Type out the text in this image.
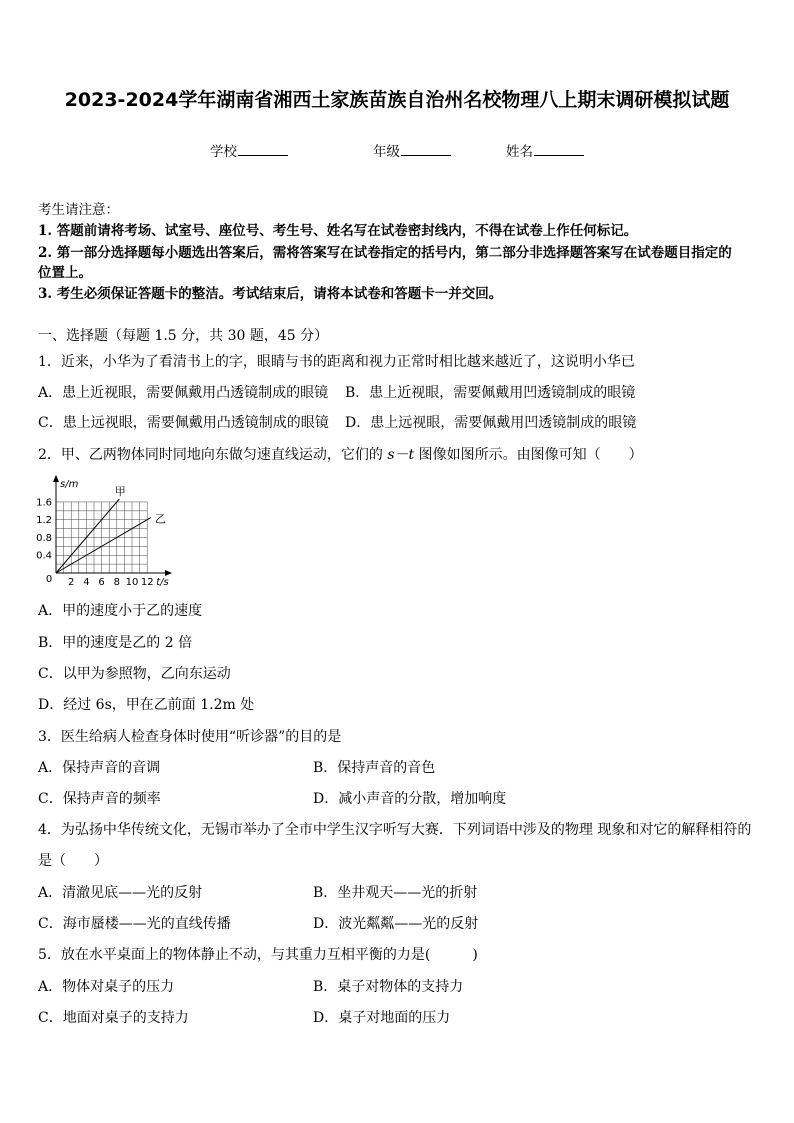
2023-2024学年湖南省湘西土家族苗族自治州名校物理八上期末调研模拟试题
学校	年级	姓名
考生请注意：
1. 答题前请将考场、试室号、座位号、考生号、姓名写在试卷密封线内，不得在试卷上作任何标记。
2. 第一部分选择题每小题选出答案后，需将答案写在试卷指定的括号内，第二部分非选择题答案写在试卷题目指定的
位置上。
3. 考生必须保证答题卡的整洁。考试结束后，请将本试卷和答题卡一并交回。
一、选择题（每题 1.5 分，共 30 题，45 分）
1．近来，小华为了看清书上的字，眼睛与书的距离和视力正常时相比越来越近了，这说明小华已
A．患上近视眼，需要佩戴用凸透镜制成的眼镜 B．患上近视眼，需要佩戴用凹透镜制成的眼镜
C．患上远视眼，需要佩戴用凸透镜制成的眼镜 D．患上远视眼，需要佩戴用凹透镜制成的眼镜
2．甲、乙两物体同时同地向东做匀速直线运动，它们的 s－t 图像如图所示。由图像可知（　　）
0.4
0.8
1.2
1.6
2 4 6 8 10 12
0	t/s
s/m
甲
乙
A．甲的速度小于乙的速度
B．甲的速度是乙的 2 倍
C．以甲为参照物，乙向东运动
D．经过 6s，甲在乙前面 1.2m 处
3．医生给病人检查身体时使用“听诊器”的目的是
A．保持声音的音调	B．保持声音的音色
C．保持声音的频率	D．减小声音的分散，增加响度
4．为弘扬中华传统文化，无锡市举办了全市中学生汉字听写大赛．下列词语中涉及的物理 现象和对它的解释相符的
是（　　）
A．清澈见底——光的反射	B．坐井观天——光的折射
C．海市蜃楼——光的直线传播	D．波光粼粼——光的反射
5．放在水平桌面上的物体静止不动，与其重力互相平衡的力是(　　　)
A．物体对桌子的压力	B．桌子对物体的支持力
C．地面对桌子的支持力	D．桌子对地面的压力
